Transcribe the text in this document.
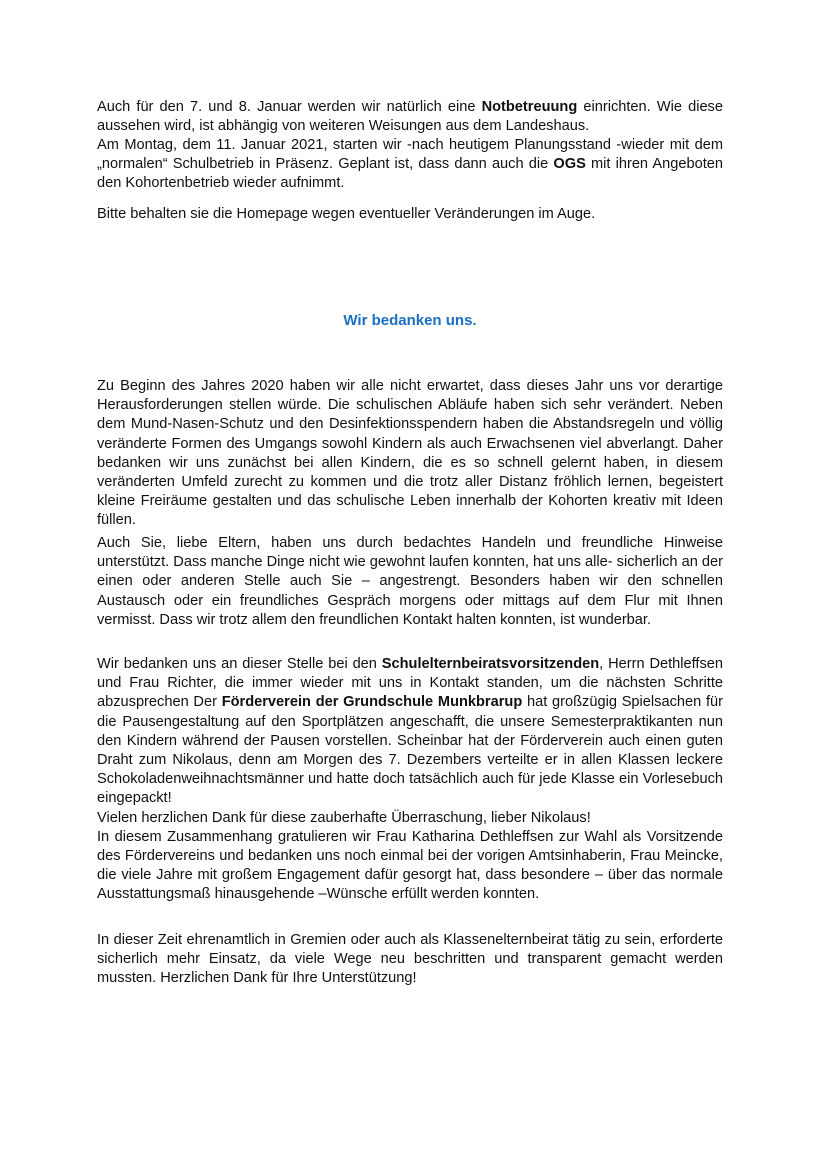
Auch für den 7. und 8. Januar werden wir natürlich eine Notbetreuung einrichten. Wie diese aussehen wird, ist abhängig von weiteren Weisungen aus dem Landeshaus.

Am Montag, dem 11. Januar 2021, starten wir -nach heutigem Planungsstand -wieder mit dem „normalen“ Schulbetrieb in Präsenz. Geplant ist, dass dann auch die OGS mit ihren Angeboten den Kohortenbetrieb wieder aufnimmt.

Bitte behalten sie die Homepage wegen eventueller Veränderungen im Auge.

Wir bedanken uns.

Zu Beginn des Jahres 2020 haben wir alle nicht erwartet, dass dieses Jahr uns vor derartige Herausforderungen stellen würde. Die schulischen Abläufe haben sich sehr verändert. Neben dem Mund-Nasen-Schutz und den Desinfektionsspendern haben die Abstandsregeln und völlig veränderte Formen des Umgangs sowohl Kindern als auch Erwachsenen viel abverlangt. Daher bedanken wir uns zunächst bei allen Kindern, die es so schnell gelernt haben, in diesem veränderten Umfeld zurecht zu kommen und die trotz aller Distanz fröhlich lernen, begeistert kleine Freiräume gestalten und das schulische Leben innerhalb der Kohorten kreativ mit Ideen füllen.

Auch Sie, liebe Eltern, haben uns durch bedachtes Handeln und freundliche Hinweise unterstützt. Dass manche Dinge nicht wie gewohnt laufen konnten, hat uns alle- sicherlich an der einen oder anderen Stelle auch Sie – angestrengt. Besonders haben wir den schnellen Austausch oder ein freundliches Gespräch morgens oder mittags auf dem Flur mit Ihnen vermisst. Dass wir trotz allem den freundlichen Kontakt halten konnten, ist wunderbar.

Wir bedanken uns an dieser Stelle bei den Schulelternbeiratsvorsitzenden, Herrn Dethleffsen und Frau Richter, die immer wieder mit uns in Kontakt standen, um die nächsten Schritte abzusprechen Der Förderverein der Grundschule Munkbrarup hat großzügig Spielsachen für die Pausengestaltung auf den Sportplätzen angeschafft, die unsere Semesterpraktikanten nun den Kindern während der Pausen vorstellen. Scheinbar hat der Förderverein auch einen guten Draht zum Nikolaus, denn am Morgen des 7. Dezembers verteilte er in allen Klassen leckere Schokoladenweihnachtsmänner und hatte doch tatsächlich auch für jede Klasse ein Vorlesebuch eingepackt!

Vielen herzlichen Dank für diese zauberhafte Überraschung, lieber Nikolaus!

In diesem Zusammenhang gratulieren wir Frau Katharina Dethleffsen zur Wahl als Vorsitzende des Fördervereins und bedanken uns noch einmal bei der vorigen Amtsinhaberin, Frau Meincke, die viele Jahre mit großem Engagement dafür gesorgt hat, dass besondere – über das normale Ausstattungsmaß hinausgehende –Wünsche erfüllt werden konnten.

In dieser Zeit ehrenamtlich in Gremien oder auch als Klassenelternbeirat tätig zu sein, erforderte sicherlich mehr Einsatz, da viele Wege neu beschritten und transparent gemacht werden mussten. Herzlichen Dank für Ihre Unterstützung!
